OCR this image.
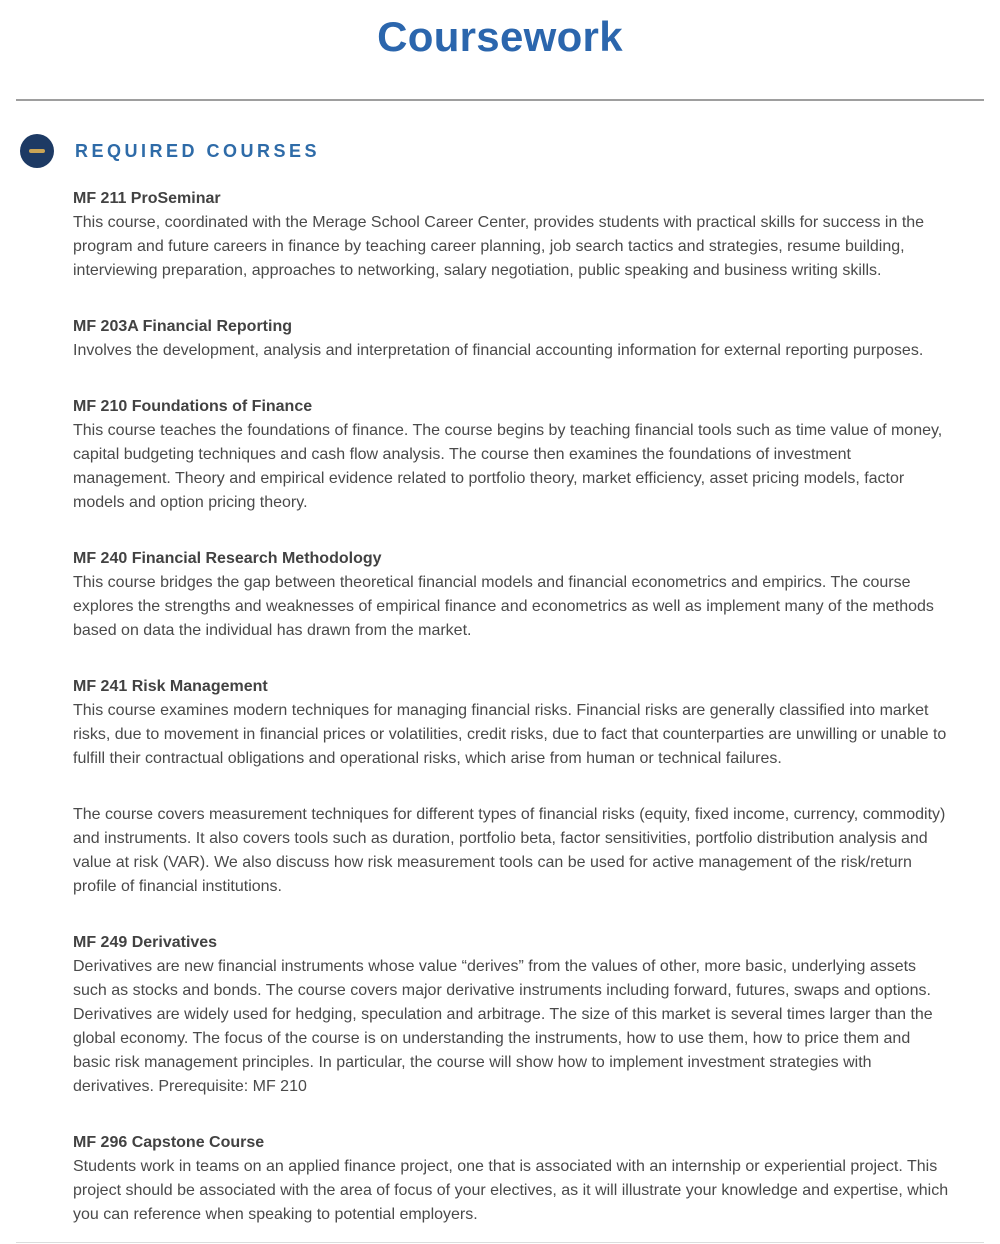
Coursework
REQUIRED COURSES
MF 211 ProSeminar

This course, coordinated with the Merage School Career Center, provides students with practical skills for success in the program and future careers in finance by teaching career planning, job search tactics and strategies, resume building, interviewing preparation, approaches to networking, salary negotiation, public speaking and business writing skills.

MF 203A Financial Reporting

Involves the development, analysis and interpretation of financial accounting information for external reporting purposes.

MF 210 Foundations of Finance

This course teaches the foundations of finance. The course begins by teaching financial tools such as time value of money, capital budgeting techniques and cash flow analysis. The course then examines the foundations of investment management. Theory and empirical evidence related to portfolio theory, market efficiency, asset pricing models, factor models and option pricing theory.

MF 240 Financial Research Methodology

This course bridges the gap between theoretical financial models and financial econometrics and empirics. The course explores the strengths and weaknesses of empirical finance and econometrics as well as implement many of the methods based on data the individual has drawn from the market.

MF 241 Risk Management

This course examines modern techniques for managing financial risks. Financial risks are generally classified into market risks, due to movement in financial prices or volatilities, credit risks, due to fact that counterparties are unwilling or unable to fulfill their contractual obligations and operational risks, which arise from human or technical failures.

The course covers measurement techniques for different types of financial risks (equity, fixed income, currency, commodity) and instruments. It also covers tools such as duration, portfolio beta, factor sensitivities, portfolio distribution analysis and value at risk (VAR). We also discuss how risk measurement tools can be used for active management of the risk/return profile of financial institutions.

MF 249 Derivatives

Derivatives are new financial instruments whose value “derives” from the values of other, more basic, underlying assets such as stocks and bonds. The course covers major derivative instruments including forward, futures, swaps and options. Derivatives are widely used for hedging, speculation and arbitrage. The size of this market is several times larger than the global economy. The focus of the course is on understanding the instruments, how to use them, how to price them and basic risk management principles. In particular, the course will show how to implement investment strategies with derivatives. Prerequisite: MF 210

MF 296 Capstone Course

Students work in teams on an applied finance project, one that is associated with an internship or experiential project. This project should be associated with the area of focus of your electives, as it will illustrate your knowledge and expertise, which you can reference when speaking to potential employers.
